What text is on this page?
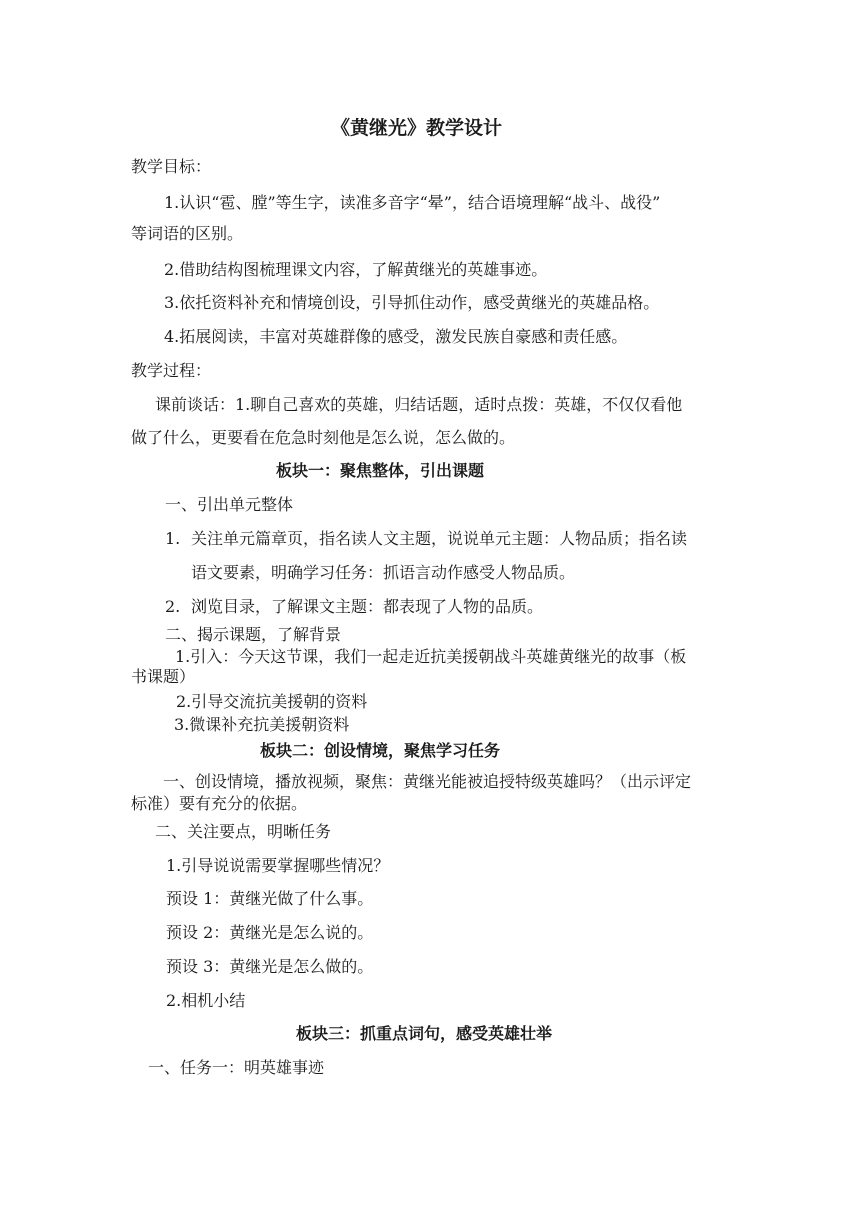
《黄继光》教学设计
教学目标：
1.认识“雹、膛”等生字，读准多音字“晕”，结合语境理解“战斗、战役”
等词语的区别。
2.借助结构图梳理课文内容，了解黄继光的英雄事迹。
3.依托资料补充和情境创设，引导抓住动作，感受黄继光的英雄品格。
4.拓展阅读，丰富对英雄群像的感受，激发民族自豪感和责任感。
教学过程：
课前谈话：1.聊自己喜欢的英雄，归结话题，适时点拨：英雄，不仅仅看他
做了什么，更要看在危急时刻他是怎么说，怎么做的。
板块一：聚焦整体，引出课题
一、引出单元整体
1. 关注单元篇章页，指名读人文主题，说说单元主题：人物品质；指名读
语文要素，明确学习任务：抓语言动作感受人物品质。
2. 浏览目录，了解课文主题：都表现了人物的品质。
二、揭示课题，了解背景
1.引入：今天这节课，我们一起走近抗美援朝战斗英雄黄继光的故事（板
书课题）
2.引导交流抗美援朝的资料
3.微课补充抗美援朝资料
板块二：创设情境，聚焦学习任务
一、创设情境，播放视频，聚焦：黄继光能被追授特级英雄吗？（出示评定
标准）要有充分的依据。
二、关注要点，明晰任务
1.引导说说需要掌握哪些情况？
预设 1：黄继光做了什么事。
预设 2：黄继光是怎么说的。
预设 3：黄继光是怎么做的。
2.相机小结
板块三：抓重点词句，感受英雄壮举
一、任务一：明英雄事迹
